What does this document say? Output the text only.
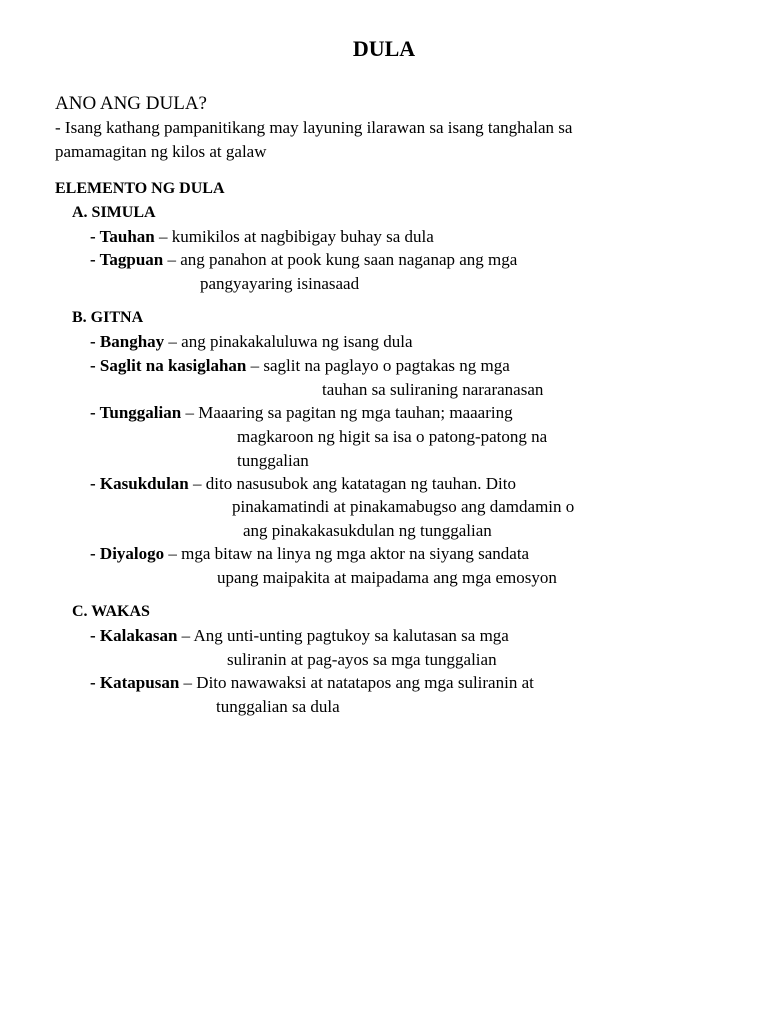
DULA
ANO ANG DULA?
- Isang kathang pampanitikang may layuning ilarawan sa isang tanghalan sa
pamamagitan ng kilos at galaw
ELEMENTO NG DULA
A. SIMULA
- Tauhan – kumikilos at nagbibigay buhay sa dula
- Tagpuan – ang panahon at pook kung saan naganap ang mga
pangyayaring isinasaad
B. GITNA
- Banghay – ang pinakakaluluwa ng isang dula
- Saglit na kasiglahan – saglit na paglayo o pagtakas ng mga
tauhan sa suliraning nararanasan
- Tunggalian – Maaaring sa pagitan ng mga tauhan; maaaring
magkaroon ng higit sa isa o patong-patong na
tunggalian
- Kasukdulan – dito nasusubok ang katatagan ng tauhan. Dito
pinakamatindi at pinakamabugso ang damdamin o
ang pinakakasukdulan ng tunggalian
- Diyalogo – mga bitaw na linya ng mga aktor na siyang sandata
upang maipakita at maipadama ang mga emosyon
C. WAKAS
- Kalakasan – Ang unti-unting pagtukoy sa kalutasan sa mga
suliranin at pag-ayos sa mga tunggalian
- Katapusan – Dito nawawaksi at natatapos ang mga suliranin at
tunggalian sa dula
